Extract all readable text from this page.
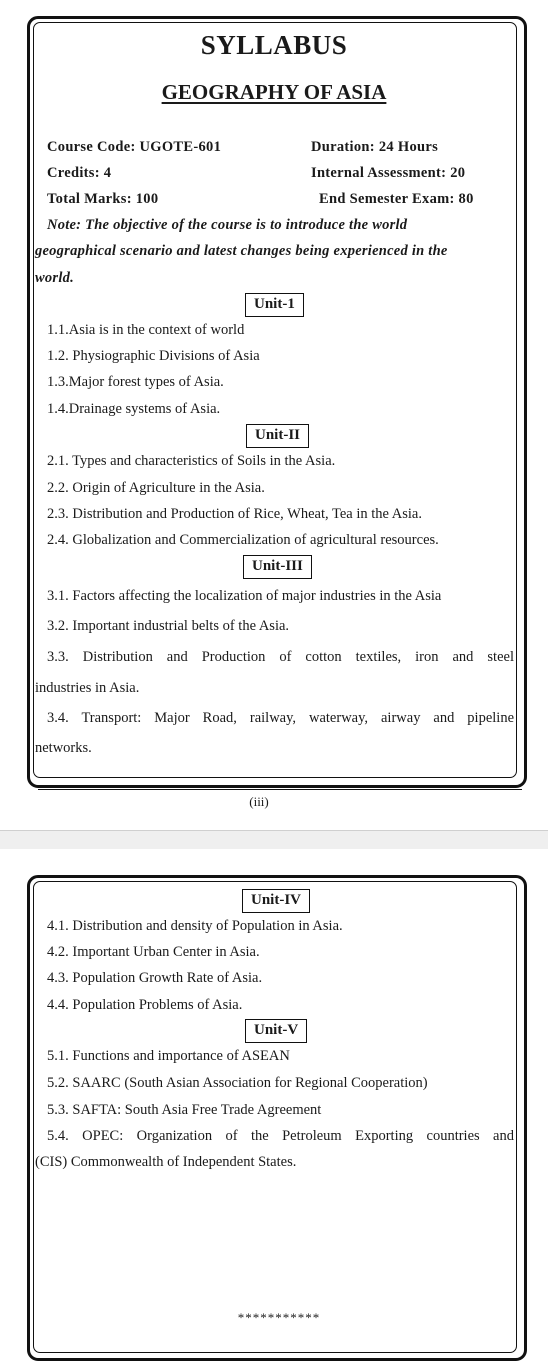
SYLLABUS
GEOGRAPHY OF ASIA
Course Code: UGOTE-601	Duration: 24 Hours
Credits: 4	Internal Assessment: 20
Total Marks: 100	End Semester Exam: 80
Note: The objective of the course is to introduce the world
geographical scenario and latest changes being experienced in the
world.
Unit-1
1.1.Asia is in the context of world
1.2. Physiographic Divisions of Asia
1.3.Major forest types of Asia.
1.4.Drainage systems of Asia.
Unit-II
2.1. Types and characteristics of Soils in the Asia.
2.2. Origin of Agriculture in the Asia.
2.3. Distribution and Production of Rice, Wheat, Tea in the Asia.
2.4. Globalization and Commercialization of agricultural resources.
Unit-III
3.1. Factors affecting the localization of major industries in the Asia
3.2. Important industrial belts of the Asia.
3.3. Distribution and Production of cotton textiles, iron and steel
industries in Asia.
3.4. Transport: Major Road, railway, waterway, airway and pipeline
networks.
(iii)
Unit-IV
4.1. Distribution and density of Population in Asia.
4.2. Important Urban Center in Asia.
4.3. Population Growth Rate of Asia.
4.4. Population Problems of Asia.
Unit-V
5.1. Functions and importance of ASEAN
5.2. SAARC (South Asian Association for Regional Cooperation)
5.3. SAFTA: South Asia Free Trade Agreement
5.4. OPEC: Organization of the Petroleum Exporting countries and
(CIS) Commonwealth of Independent States.
***********
